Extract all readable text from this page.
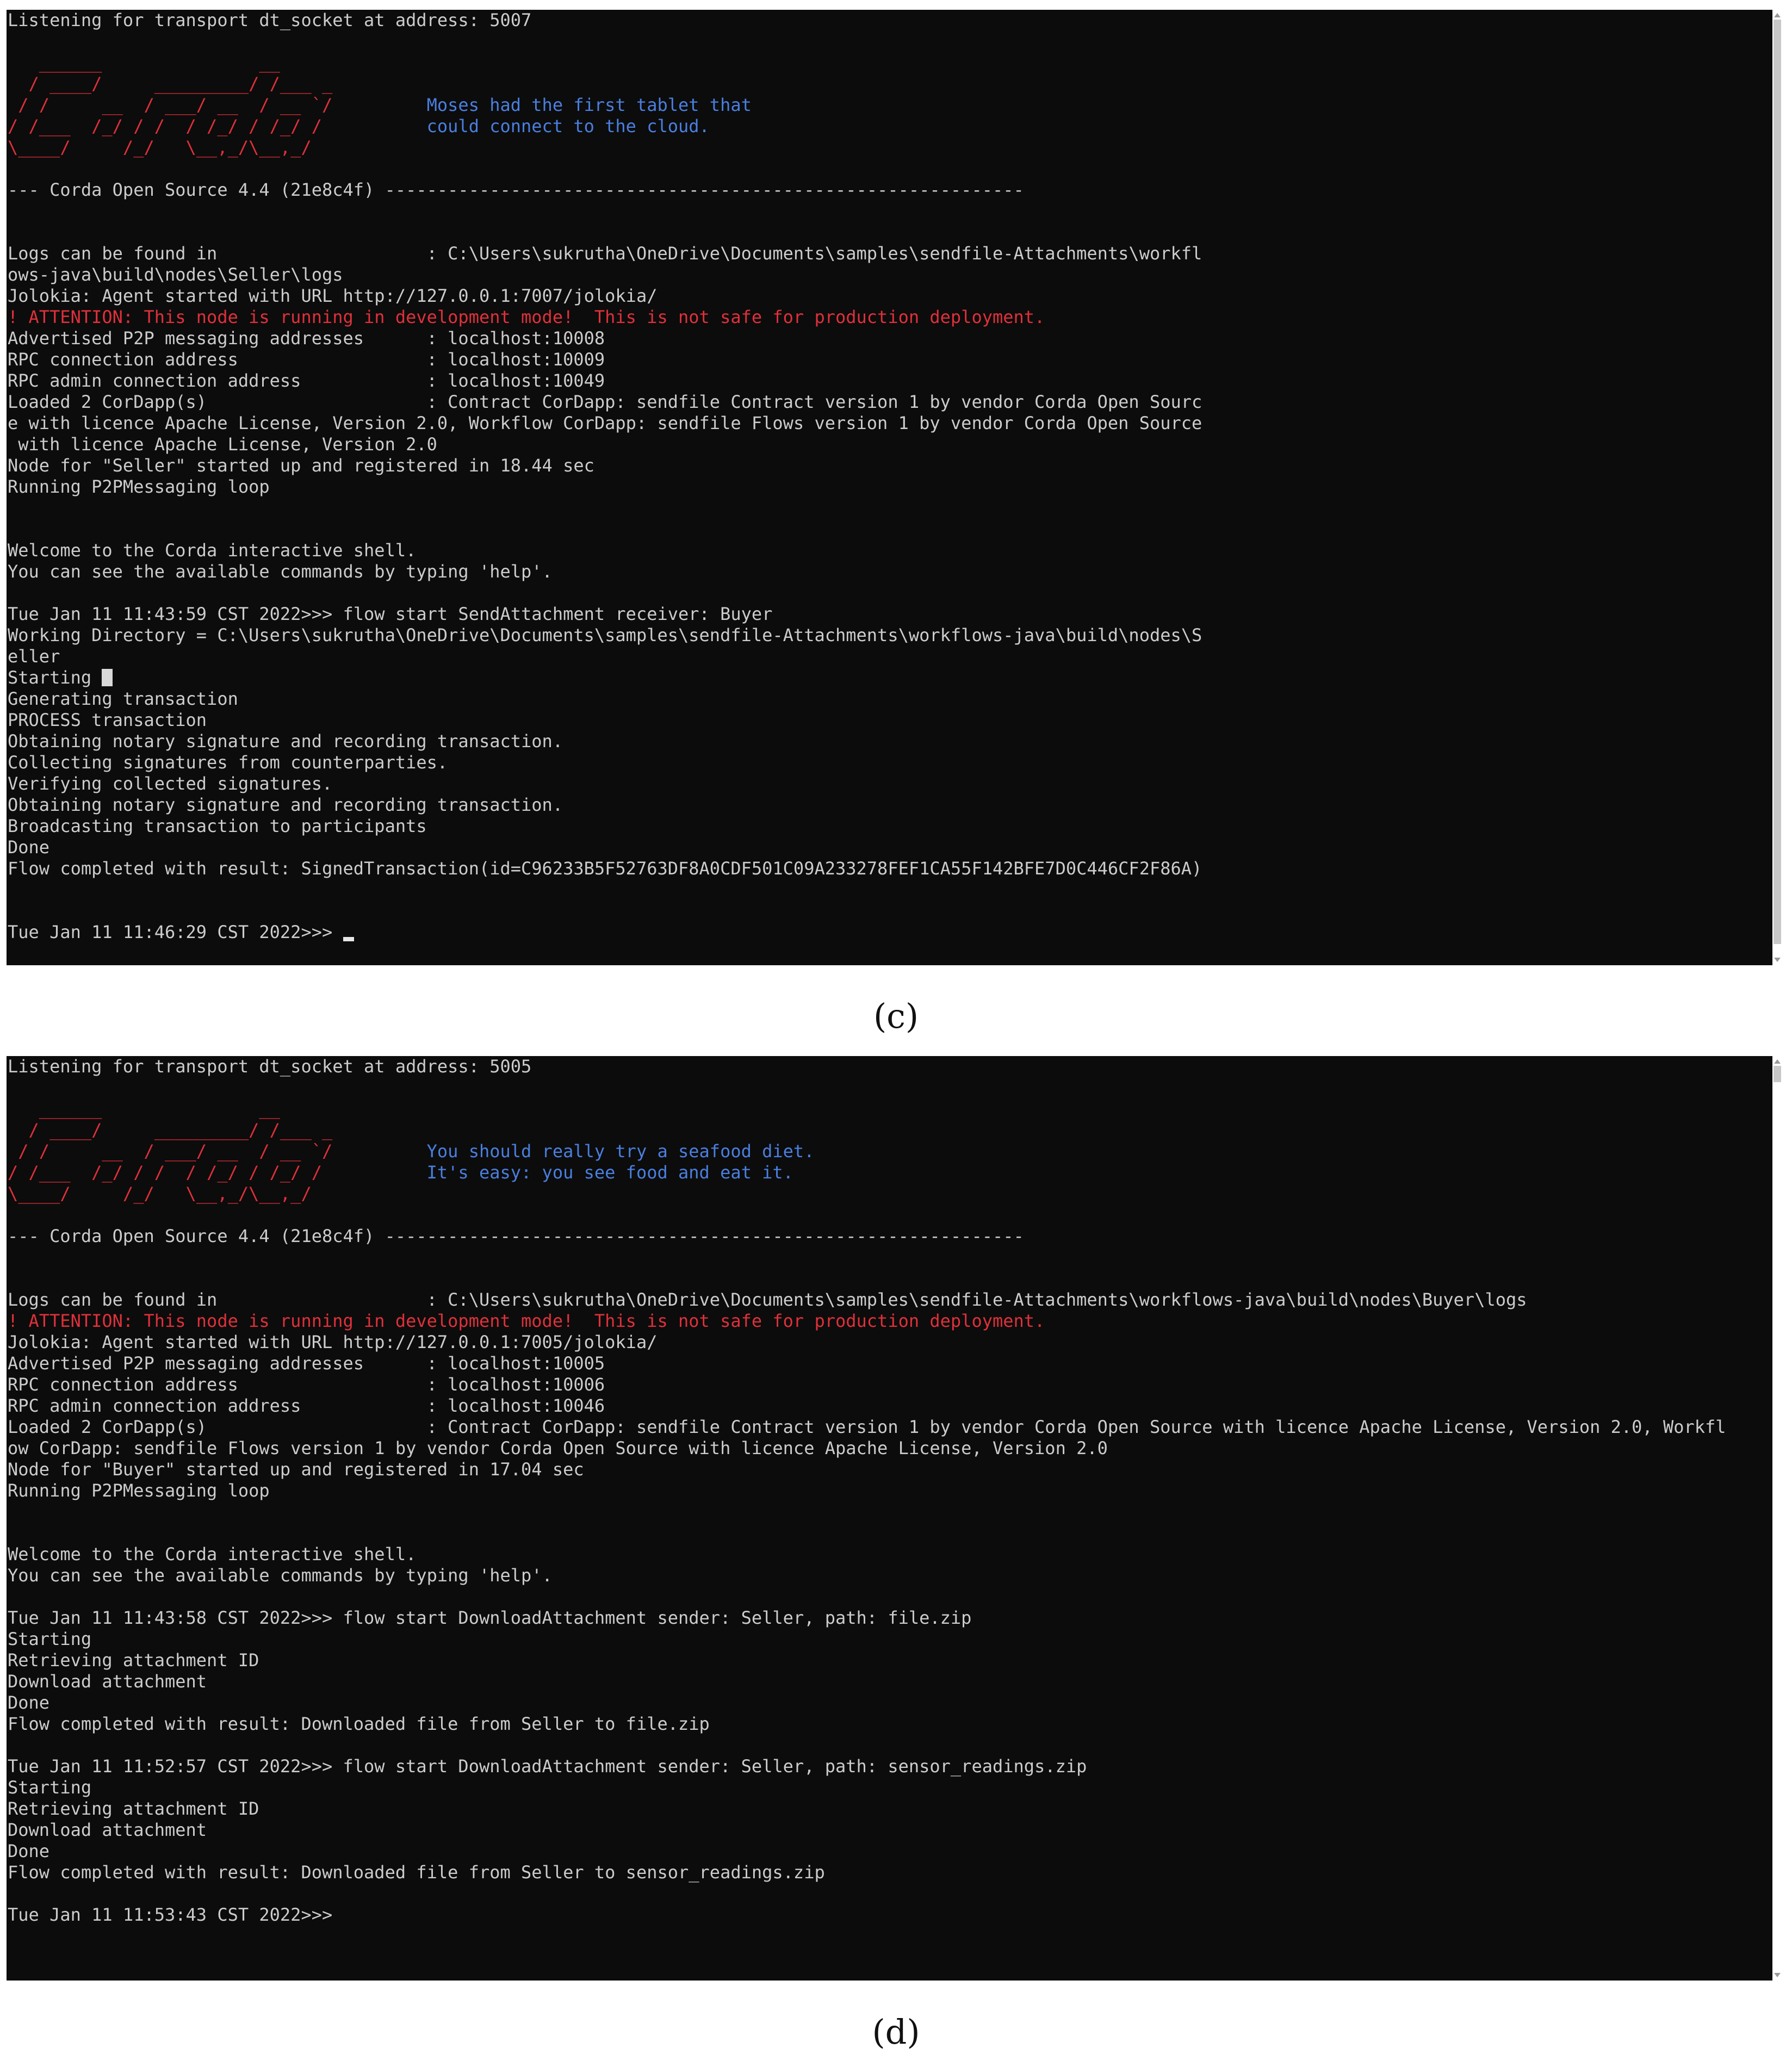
Listening for transport dt_socket at address: 5007
______               __
/ ____/     _________/ /___ _
/ /     __  / ___/ __  / __ `/         Moses had the first tablet that
/ /___  /_/ / /  / /_/ / /_/ /          could connect to the cloud.
\____/     /_/   \__,_/\__,_/
--- Corda Open Source 4.4 (21e8c4f) -------------------------------------------------------------
Logs can be found in                    : C:\Users\sukrutha\OneDrive\Documents\samples\sendfile-Attachments\workfl
ows-java\build\nodes\Seller\logs
Jolokia: Agent started with URL http://127.0.0.1:7007/jolokia/
! ATTENTION: This node is running in development mode!  This is not safe for production deployment.
Advertised P2P messaging addresses      : localhost:10008
RPC connection address                  : localhost:10009
RPC admin connection address            : localhost:10049
Loaded 2 CorDapp(s)                     : Contract CorDapp: sendfile Contract version 1 by vendor Corda Open Sourc
e with licence Apache License, Version 2.0, Workflow CorDapp: sendfile Flows version 1 by vendor Corda Open Source
with licence Apache License, Version 2.0
Node for "Seller" started up and registered in 18.44 sec
Running P2PMessaging loop
Welcome to the Corda interactive shell.
You can see the available commands by typing 'help'.
Tue Jan 11 11:43:59 CST 2022>>> flow start SendAttachment receiver: Buyer
Working Directory = C:\Users\sukrutha\OneDrive\Documents\samples\sendfile-Attachments\workflows-java\build\nodes\S
eller
Starting
Generating transaction
PROCESS transaction
Obtaining notary signature and recording transaction.
Collecting signatures from counterparties.
Verifying collected signatures.
Obtaining notary signature and recording transaction.
Broadcasting transaction to participants
Done
Flow completed with result: SignedTransaction(id=C96233B5F52763DF8A0CDF501C09A233278FEF1CA55F142BFE7D0C446CF2F86A)
Tue Jan 11 11:46:29 CST 2022>>>
(c)
Listening for transport dt_socket at address: 5005
______               __
/ ____/     _________/ /___ _
/ /     __  / ___/ __  / __ `/         You should really try a seafood diet.
/ /___  /_/ / /  / /_/ / /_/ /          It's easy: you see food and eat it.
\____/     /_/   \__,_/\__,_/
--- Corda Open Source 4.4 (21e8c4f) -------------------------------------------------------------
Logs can be found in                    : C:\Users\sukrutha\OneDrive\Documents\samples\sendfile-Attachments\workflows-java\build\nodes\Buyer\logs
! ATTENTION: This node is running in development mode!  This is not safe for production deployment.
Jolokia: Agent started with URL http://127.0.0.1:7005/jolokia/
Advertised P2P messaging addresses      : localhost:10005
RPC connection address                  : localhost:10006
RPC admin connection address            : localhost:10046
Loaded 2 CorDapp(s)                     : Contract CorDapp: sendfile Contract version 1 by vendor Corda Open Source with licence Apache License, Version 2.0, Workfl
ow CorDapp: sendfile Flows version 1 by vendor Corda Open Source with licence Apache License, Version 2.0
Node for "Buyer" started up and registered in 17.04 sec
Running P2PMessaging loop
Welcome to the Corda interactive shell.
You can see the available commands by typing 'help'.
Tue Jan 11 11:43:58 CST 2022>>> flow start DownloadAttachment sender: Seller, path: file.zip
Starting
Retrieving attachment ID
Download attachment
Done
Flow completed with result: Downloaded file from Seller to file.zip
Tue Jan 11 11:52:57 CST 2022>>> flow start DownloadAttachment sender: Seller, path: sensor_readings.zip
Starting
Retrieving attachment ID
Download attachment
Done
Flow completed with result: Downloaded file from Seller to sensor_readings.zip
Tue Jan 11 11:53:43 CST 2022>>>
(d)
